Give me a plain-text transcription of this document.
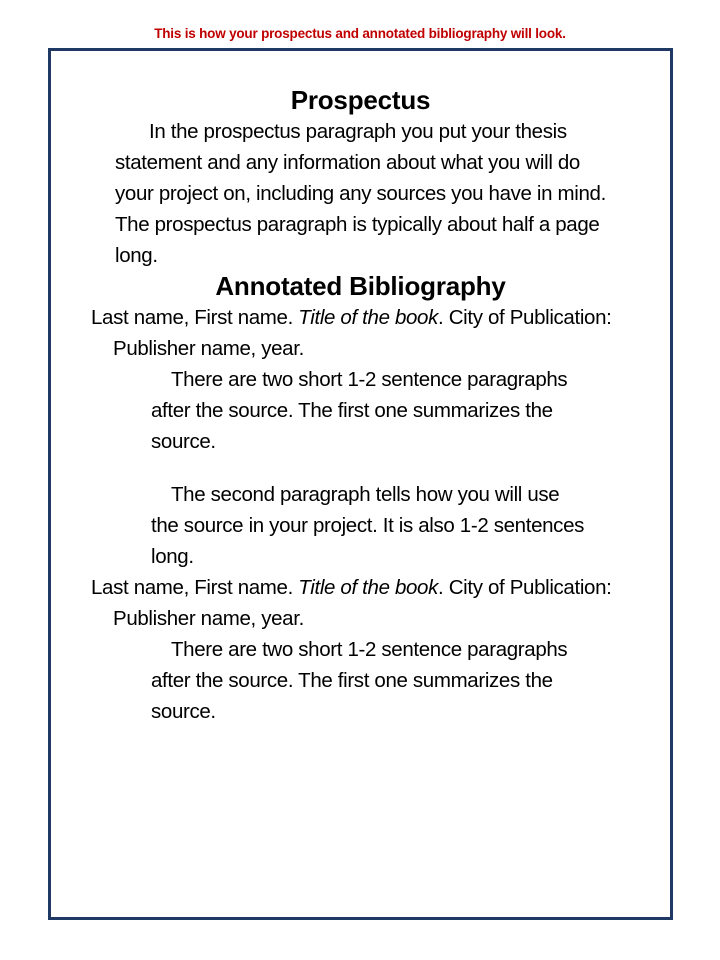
This is how your prospectus and annotated bibliography will look.
Prospectus

In the prospectus paragraph you put your thesis statement and any information about what you will do your project on, including any sources you have in mind. The prospectus paragraph is typically about half a page long.

Annotated Bibliography

Last name, First name. Title of the book. City of Publication: Publisher name, year.

There are two short 1-2 sentence paragraphs after the source. The first one summarizes the source.

The second paragraph tells how you will use the source in your project. It is also 1-2 sentences long.

Last name, First name. Title of the book. City of Publication: Publisher name, year.

There are two short 1-2 sentence paragraphs after the source. The first one summarizes the source.
